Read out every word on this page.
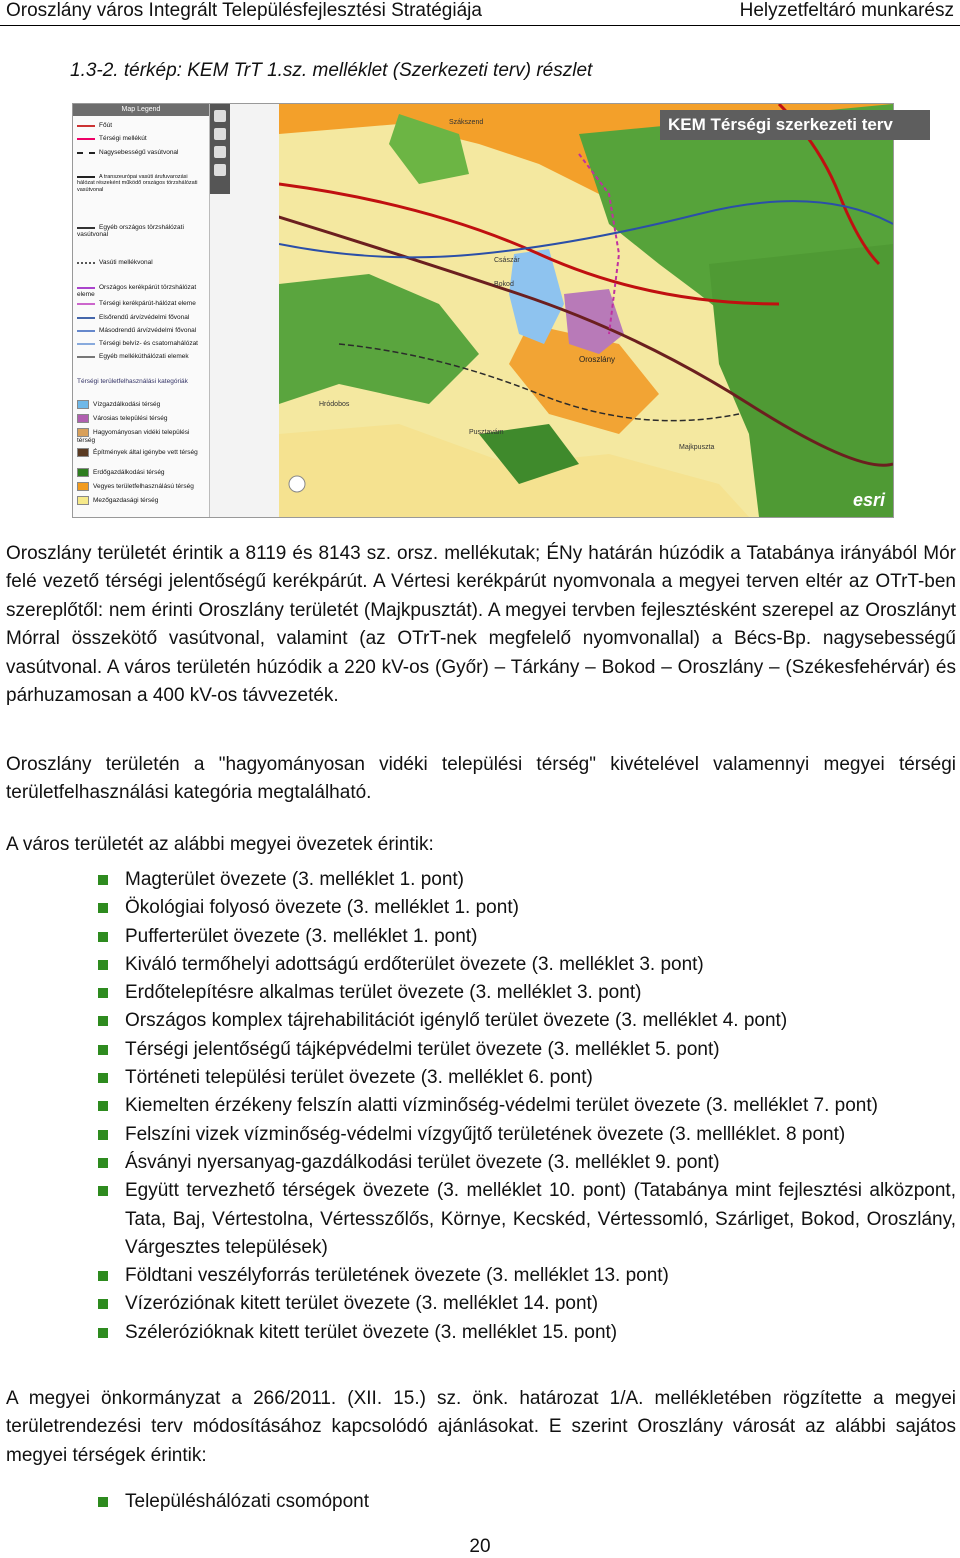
Oroszlány város Integrált Településfejlesztési Stratégiája	Helyzetfeltáró munkarész
1.3-2. térkép: KEM TrT 1.sz. melléklet (Szerkezeti terv) részlet
Map Legend
Főút
Térségi mellékút
Nagysebességű vasútvonal
A transzeurópai vasúti árufuvarozási hálózat részeként működő országos törzshálózati vasútvonal
Egyéb országos törzshálózati vasútvonal
Vasúti mellékvonal
Országos kerékpárút törzshálózat eleme
Térségi kerékpárút-hálózat eleme
Elsőrendű árvízvédelmi fővonal
Másodrendű árvízvédelmi fővonal
Térségi belvíz- és csatornahálózat
Egyéb mellékúthálózati elemek
Térségi területfelhasználási kategóriák
Vízgazdálkodási térség
Városias települési térség
Hagyományosan vidéki települési térség
Építmények által igénybe vett térség
Erdőgazdálkodási térség
Vegyes területfelhasználású térség
Mezőgazdasági térség
Szákszend
Császár
Bokod
Oroszlány
Hródobos
Pusztavám
Majkpuszta
KEM Térségi szerkezeti terv
esri
Oroszlány területét érintik a 8119 és 8143 sz. orsz. mellékutak; ÉNy határán húzódik a Tatabánya irányából Mór felé vezető térségi jelentőségű kerékpárút. A Vértesi kerékpárút nyomvonala a megyei terven eltér az OTrT-ben szereplőtől: nem érinti Oroszlány területét (Majkpusztát). A megyei tervben fejlesztésként szerepel az Oroszlányt Mórral összekötő vasútvonal, valamint (az OTrT-nek megfelelő nyomvonallal) a Bécs-Bp. nagysebességű vasútvonal. A város területén húzódik a 220 kV-os (Győr) – Tárkány – Bokod – Oroszlány – (Székesfehérvár) és párhuzamosan a 400 kV-os távvezeték.
Oroszlány területén a "hagyományosan vidéki települési térség" kivételével valamennyi megyei térségi területfelhasználási kategória megtalálható.
A város területét az alábbi megyei övezetek érintik:
Magterület övezete (3. melléklet 1. pont)
Ökológiai folyosó övezete (3. melléklet 1. pont)
Pufferterület övezete (3. melléklet 1. pont)
Kiváló termőhelyi adottságú erdőterület övezete (3. melléklet 3. pont)
Erdőtelepítésre alkalmas terület övezete (3. melléklet 3. pont)
Országos komplex tájrehabilitációt igénylő terület övezete (3. melléklet 4. pont)
Térségi jelentőségű tájképvédelmi terület övezete (3. melléklet 5. pont)
Történeti települési terület övezete (3. melléklet 6. pont)
Kiemelten érzékeny felszín alatti vízminőség-védelmi terület övezete (3. melléklet 7. pont)
Felszíni vizek vízminőség-védelmi vízgyűjtő területének övezete (3. mellléklet. 8 pont)
Ásványi nyersanyag-gazdálkodási terület övezete (3. melléklet 9. pont)
Együtt tervezhető térségek övezete (3. melléklet 10. pont) (Tatabánya mint fejlesztési alközpont, Tata, Baj, Vértestolna, Vértesszőlős, Környe, Kecskéd, Vértessomló, Szárliget, Bokod, Oroszlány, Várgesztes települések)
Földtani veszélyforrás területének övezete (3. melléklet 13. pont)
Vízeróziónak kitett terület övezete (3. melléklet 14. pont)
Szélerózióknak kitett terület övezete (3. melléklet 15. pont)
A megyei önkormányzat a 266/2011. (XII. 15.) sz. önk. határozat 1/A. mellékletében rögzítette a megyei területrendezési terv módosításához kapcsolódó ajánlásokat. E szerint Oroszlány városát az alábbi sajátos megyei térségek érintik:
Településhálózati csomópont
20
